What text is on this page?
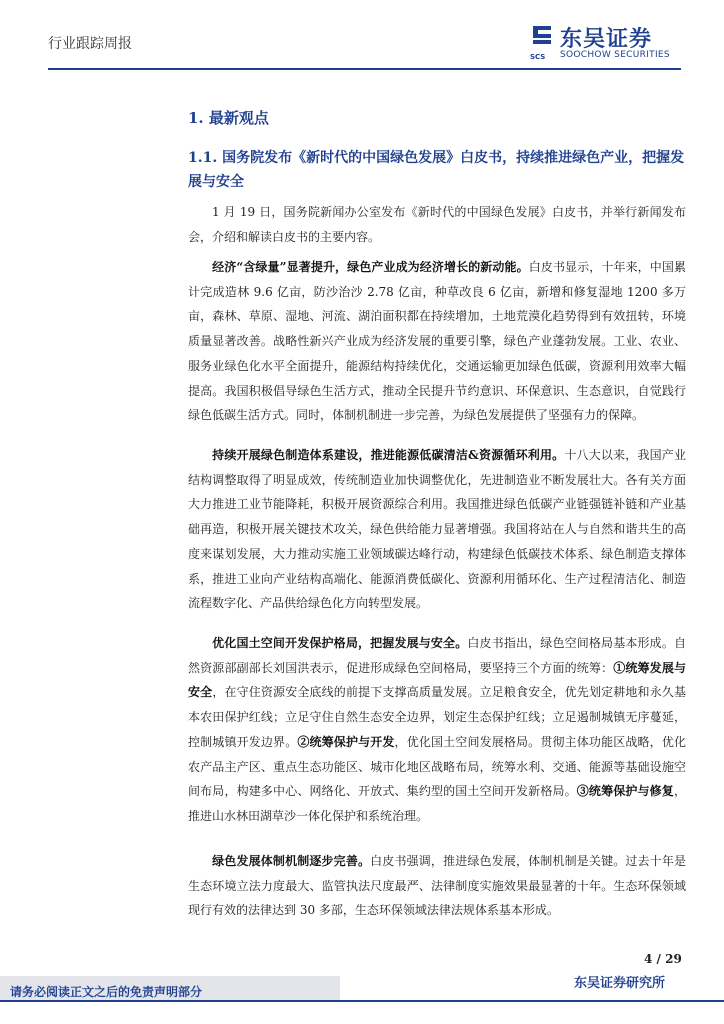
行业跟踪周报
SCS
东吴证券
SOOCHOW SECURITIES
1. 最新观点
1.1. 国务院发布《新时代的中国绿色发展》白皮书，持续推进绿色产业，把握发展与安全
1 月 19 日，国务院新闻办公室发布《新时代的中国绿色发展》白皮书，并举行新闻发布会，介绍和解读白皮书的主要内容。
经济“含绿量”显著提升，绿色产业成为经济增长的新动能。白皮书显示，十年来，中国累计完成造林 9.6 亿亩，防沙治沙 2.78 亿亩，种草改良 6 亿亩，新增和修复湿地 1200 多万亩，森林、草原、湿地、河流、湖泊面积都在持续增加，土地荒漠化趋势得到有效扭转，环境质量显著改善。战略性新兴产业成为经济发展的重要引擎，绿色产业蓬勃发展。工业、农业、服务业绿色化水平全面提升，能源结构持续优化，交通运输更加绿色低碳，资源利用效率大幅提高。我国积极倡导绿色生活方式，推动全民提升节约意识、环保意识、生态意识，自觉践行绿色低碳生活方式。同时，体制机制进一步完善，为绿色发展提供了坚强有力的保障。
持续开展绿色制造体系建设，推进能源低碳清洁&资源循环利用。十八大以来，我国产业结构调整取得了明显成效，传统制造业加快调整优化，先进制造业不断发展壮大。各有关方面大力推进工业节能降耗，积极开展资源综合利用。我国推进绿色低碳产业链强链补链和产业基础再造，积极开展关键技术攻关，绿色供给能力显著增强。我国将站在人与自然和谐共生的高度来谋划发展，大力推动实施工业领域碳达峰行动，构建绿色低碳技术体系、绿色制造支撑体系，推进工业向产业结构高端化、能源消费低碳化、资源利用循环化、生产过程清洁化、制造流程数字化、产品供给绿色化方向转型发展。
优化国土空间开发保护格局，把握发展与安全。白皮书指出，绿色空间格局基本形成。自然资源部副部长刘国洪表示，促进形成绿色空间格局，要坚持三个方面的统筹：①统筹发展与安全，在守住资源安全底线的前提下支撑高质量发展。立足粮食安全，优先划定耕地和永久基本农田保护红线；立足守住自然生态安全边界，划定生态保护红线；立足遏制城镇无序蔓延，控制城镇开发边界。②统筹保护与开发，优化国土空间发展格局。贯彻主体功能区战略，优化农产品主产区、重点生态功能区、城市化地区战略布局，统筹水利、交通、能源等基础设施空间布局，构建多中心、网络化、开放式、集约型的国土空间开发新格局。③统筹保护与修复，推进山水林田湖草沙一体化保护和系统治理。
绿色发展体制机制逐步完善。白皮书强调，推进绿色发展，体制机制是关键。过去十年是生态环境立法力度最大、监管执法尺度最严、法律制度实施效果最显著的十年。生态环保领域现行有效的法律达到 30 多部，生态环保领域法律法规体系基本形成。
4 / 29
请务必阅读正文之后的免责声明部分
东吴证券研究所
